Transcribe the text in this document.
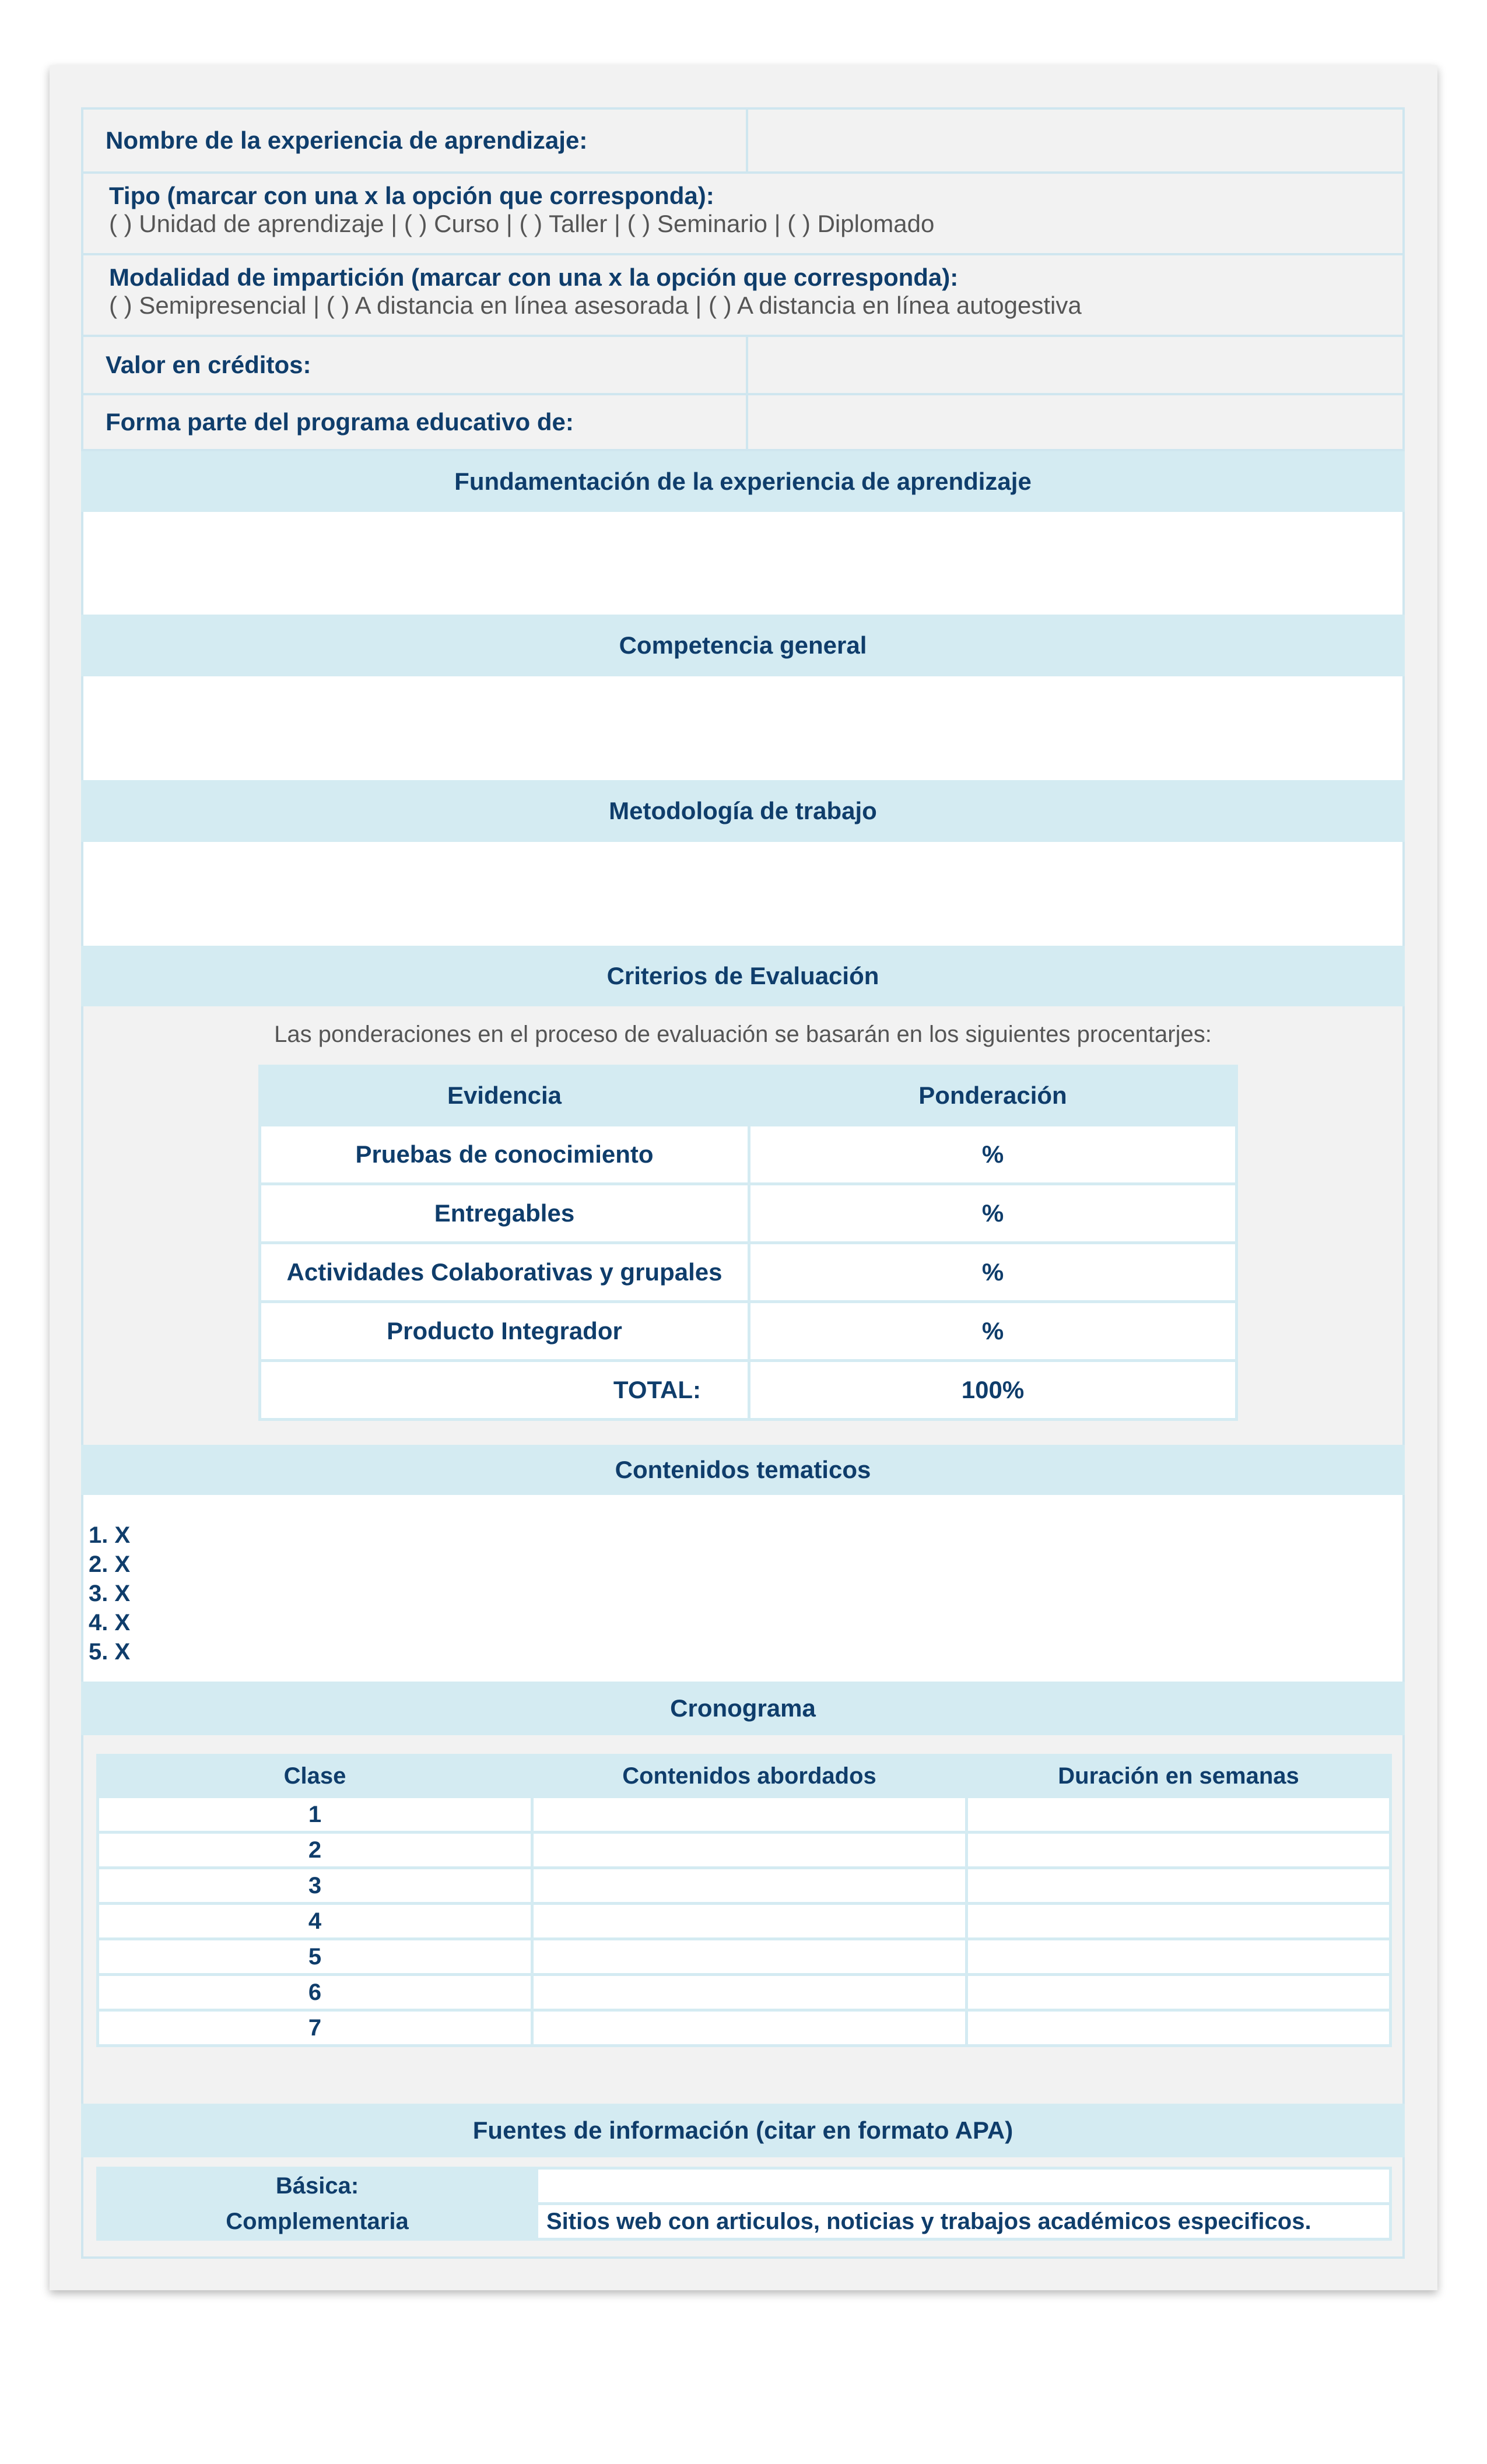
Nombre de la experiencia de aprendizaje:
Tipo (marcar con una x la opción que corresponda):
( ) Unidad de aprendizaje | ( ) Curso | ( ) Taller | ( ) Seminario | ( ) Diplomado
Modalidad de impartición (marcar con una x la opción que corresponda):
( ) Semipresencial | ( ) A distancia en línea asesorada | ( ) A distancia en línea autogestiva
Valor en créditos:
Forma parte del programa educativo de:
Fundamentación de la experiencia de aprendizaje
Competencia general
Metodología de trabajo
Criterios de Evaluación
Las ponderaciones en el proceso de evaluación se basarán en los siguientes procentarjes:
Evidencia	Ponderación
Pruebas de conocimiento	%
Entregables	%
Actividades Colaborativas y grupales	%
Producto Integrador	%
TOTAL:	100%
Contenidos tematicos
1. X
2. X
3. X
4. X
5. X
Cronograma
Clase	Contenidos abordados	Duración en semanas
1		
2		
3		
4		
5		
6		
7		
Fuentes de información (citar en formato APA)
Básica:	
Complementaria	Sitios web con articulos, noticias y trabajos académicos especificos.
